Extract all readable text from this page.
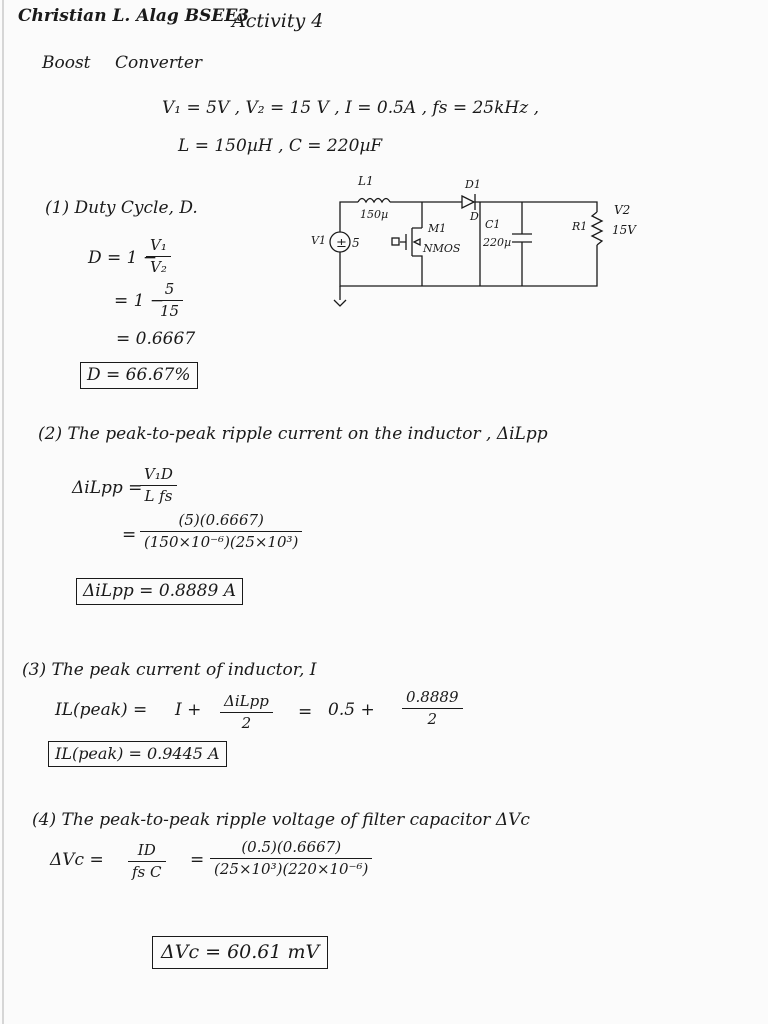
Christian L. Alag BSEE3
Activity 4
Boost Converter
V₁ = 5V , V₂ = 15 V , I = 0.5A , fs = 25kHz ,
L = 150µH , C = 220µF
±
L1
150µ
D1
D
M1
NMOS
C1
220µ
V1 5
R1
V2
15V
(1) Duty Cycle, D.
D = 1 −
V₁
V₂
= 1 −
5
15
= 0.6667
D = 66.67%
(2) The peak-to-peak ripple current on the inductor , ΔiLpp
ΔiLpp =
V₁D
L fs
=
(5)(0.6667)
(150×10⁻⁶)(25×10³)
ΔiLpp = 0.8889 A
(3) The peak current of inductor, I
IL(peak) = I + ΔiLpp
2
= 0.5 +
0.8889
2
IL(peak) = 0.9445 A
(4) The peak-to-peak ripple voltage of filter capacitor ΔVc
ΔVc = ID
fs C
=
(0.5)(0.6667)
(25×10³)(220×10⁻⁶)
ΔVc = 60.61 mV
